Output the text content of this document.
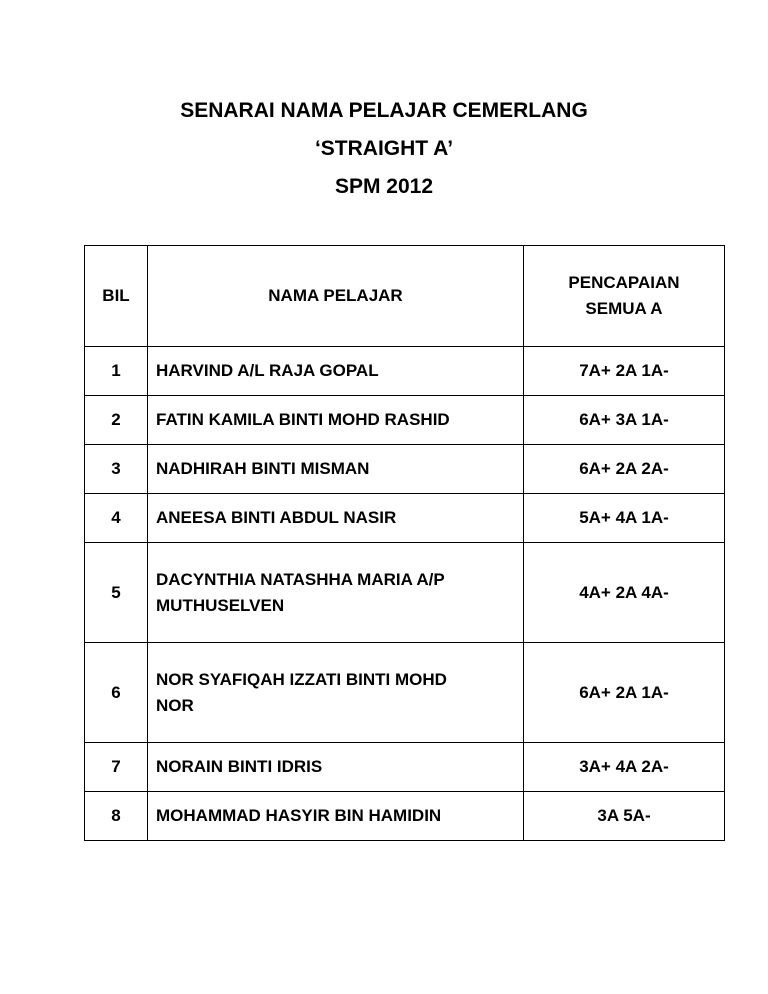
SENARAI NAMA PELAJAR CEMERLANG
‘STRAIGHT A’
SPM 2012
BIL	NAMA PELAJAR	PENCAPAIAN
SEMUA A

1	HARVIND A/L RAJA GOPAL	7A+ 2A 1A-
2	FATIN KAMILA BINTI MOHD RASHID	6A+ 3A 1A-
3	NADHIRAH BINTI MISMAN	6A+ 2A 2A-
4	ANEESA BINTI ABDUL NASIR	5A+ 4A 1A-
5	DACYNTHIA NATASHHA MARIA A/P
MUTHUSELVEN	4A+ 2A 4A-
6	NOR SYAFIQAH IZZATI BINTI MOHD
NOR	6A+ 2A 1A-
7	NORAIN BINTI IDRIS	3A+ 4A 2A-
8	MOHAMMAD HASYIR BIN HAMIDIN	3A 5A-
